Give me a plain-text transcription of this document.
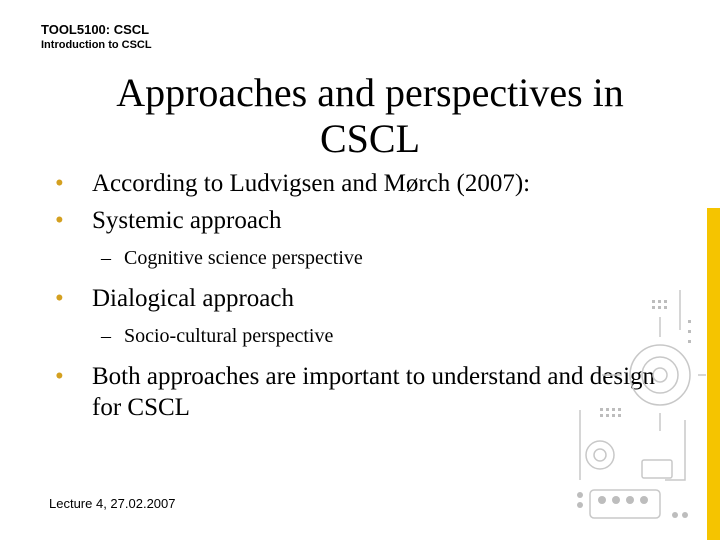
TOOL5100: CSCL
Introduction to CSCL
Approaches and perspectives in CSCL
• According to Ludvigsen and Mørch (2007):
• Systemic approach
– Cognitive science perspective
• Dialogical approach
– Socio-cultural perspective
• Both approaches are important to understand and design for CSCL
Lecture 4, 27.02.2007
